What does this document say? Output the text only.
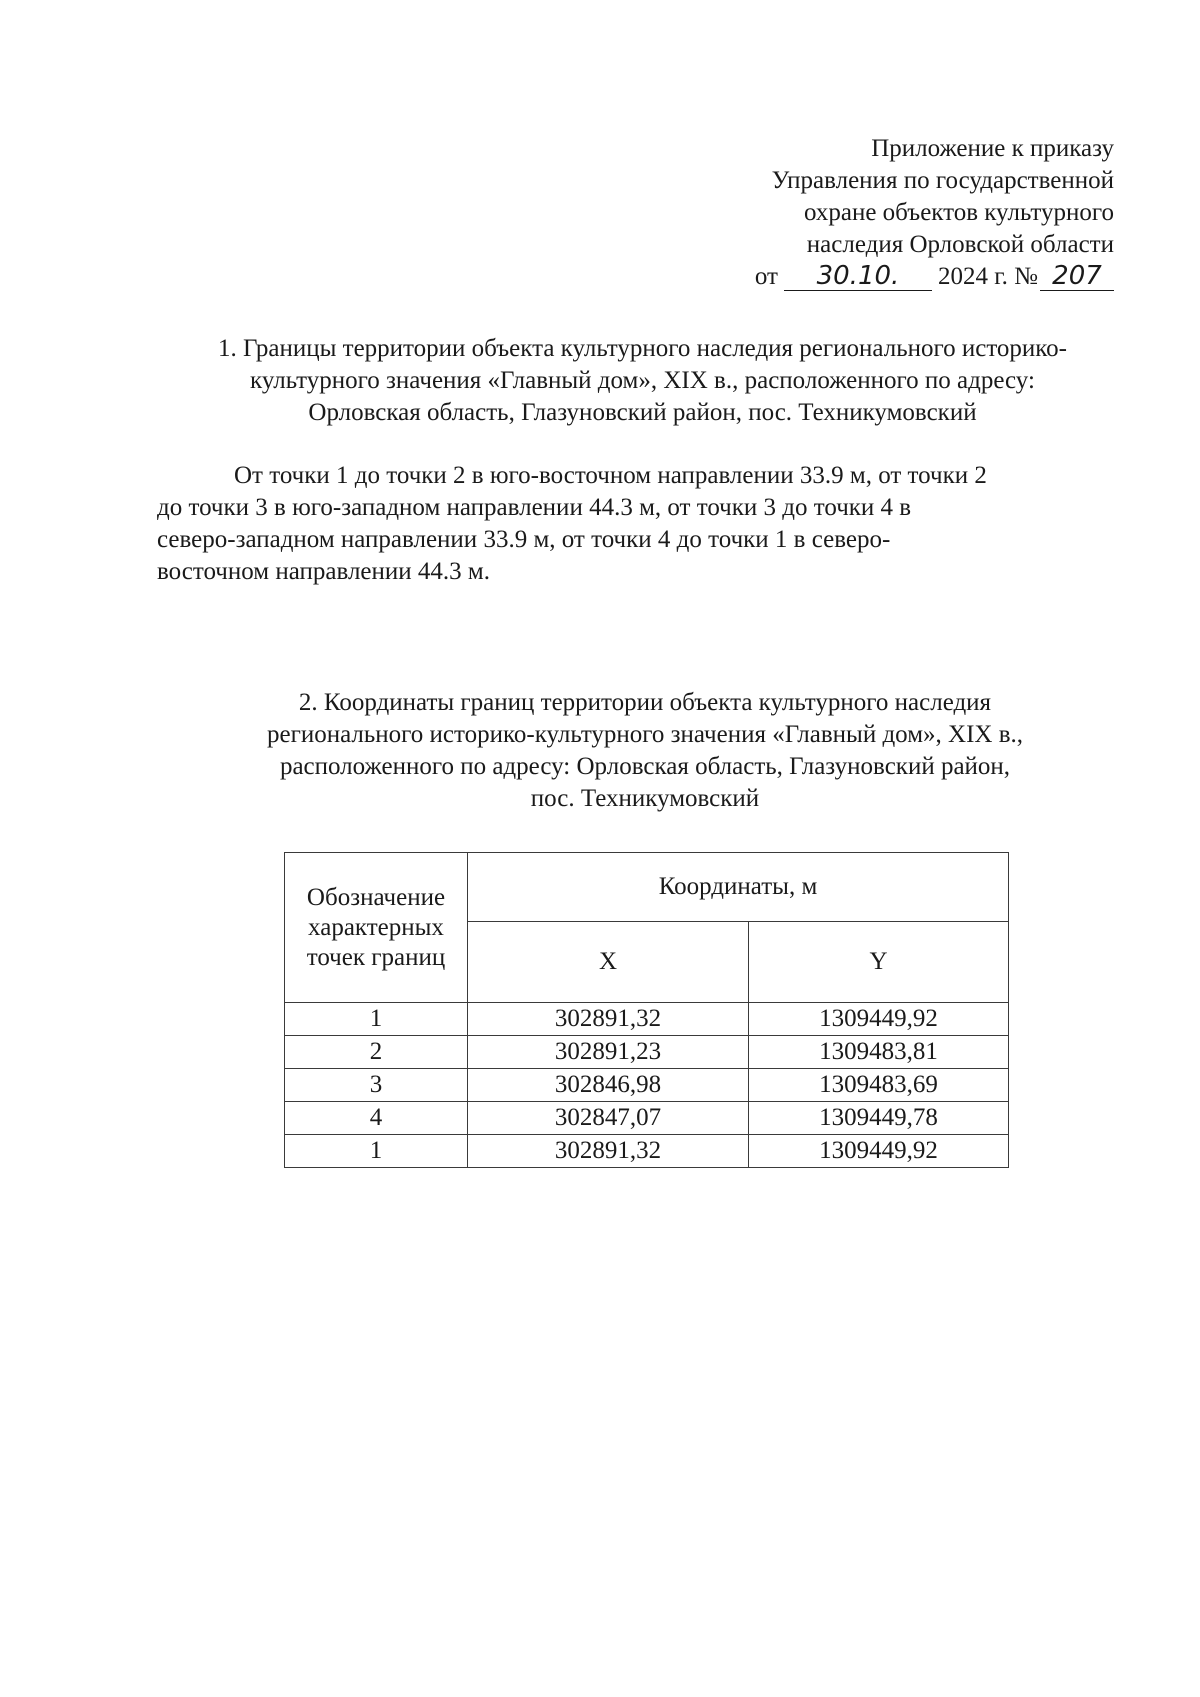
Приложение к приказу
Управления по государственной
охране объектов культурного
наследия Орловской области
от 30.10. 2024 г. № 207
1. Границы территории объекта культурного наследия регионального историко-
культурного значения «Главный дом», XIX в., расположенного по адресу:
Орловская область, Глазуновский район, пос. Техникумовский
От точки 1 до точки 2 в юго-восточном направлении 33.9 м, от точки 2
до точки 3 в юго-западном направлении 44.3 м, от точки 3 до точки 4 в
северо-западном направлении 33.9 м, от точки 4 до точки 1 в северо-
восточном направлении 44.3 м.
2. Координаты границ территории объекта культурного наследия
регионального историко-культурного значения «Главный дом», XIX в.,
расположенного по адресу: Орловская область, Глазуновский район,
пос. Техникумовский
Обозначение характерных точек границ	Координаты, м	
	X	Y
1	302891,32	1309449,92
2	302891,23	1309483,81
3	302846,98	1309483,69
4	302847,07	1309449,78
1	302891,32	1309449,92
